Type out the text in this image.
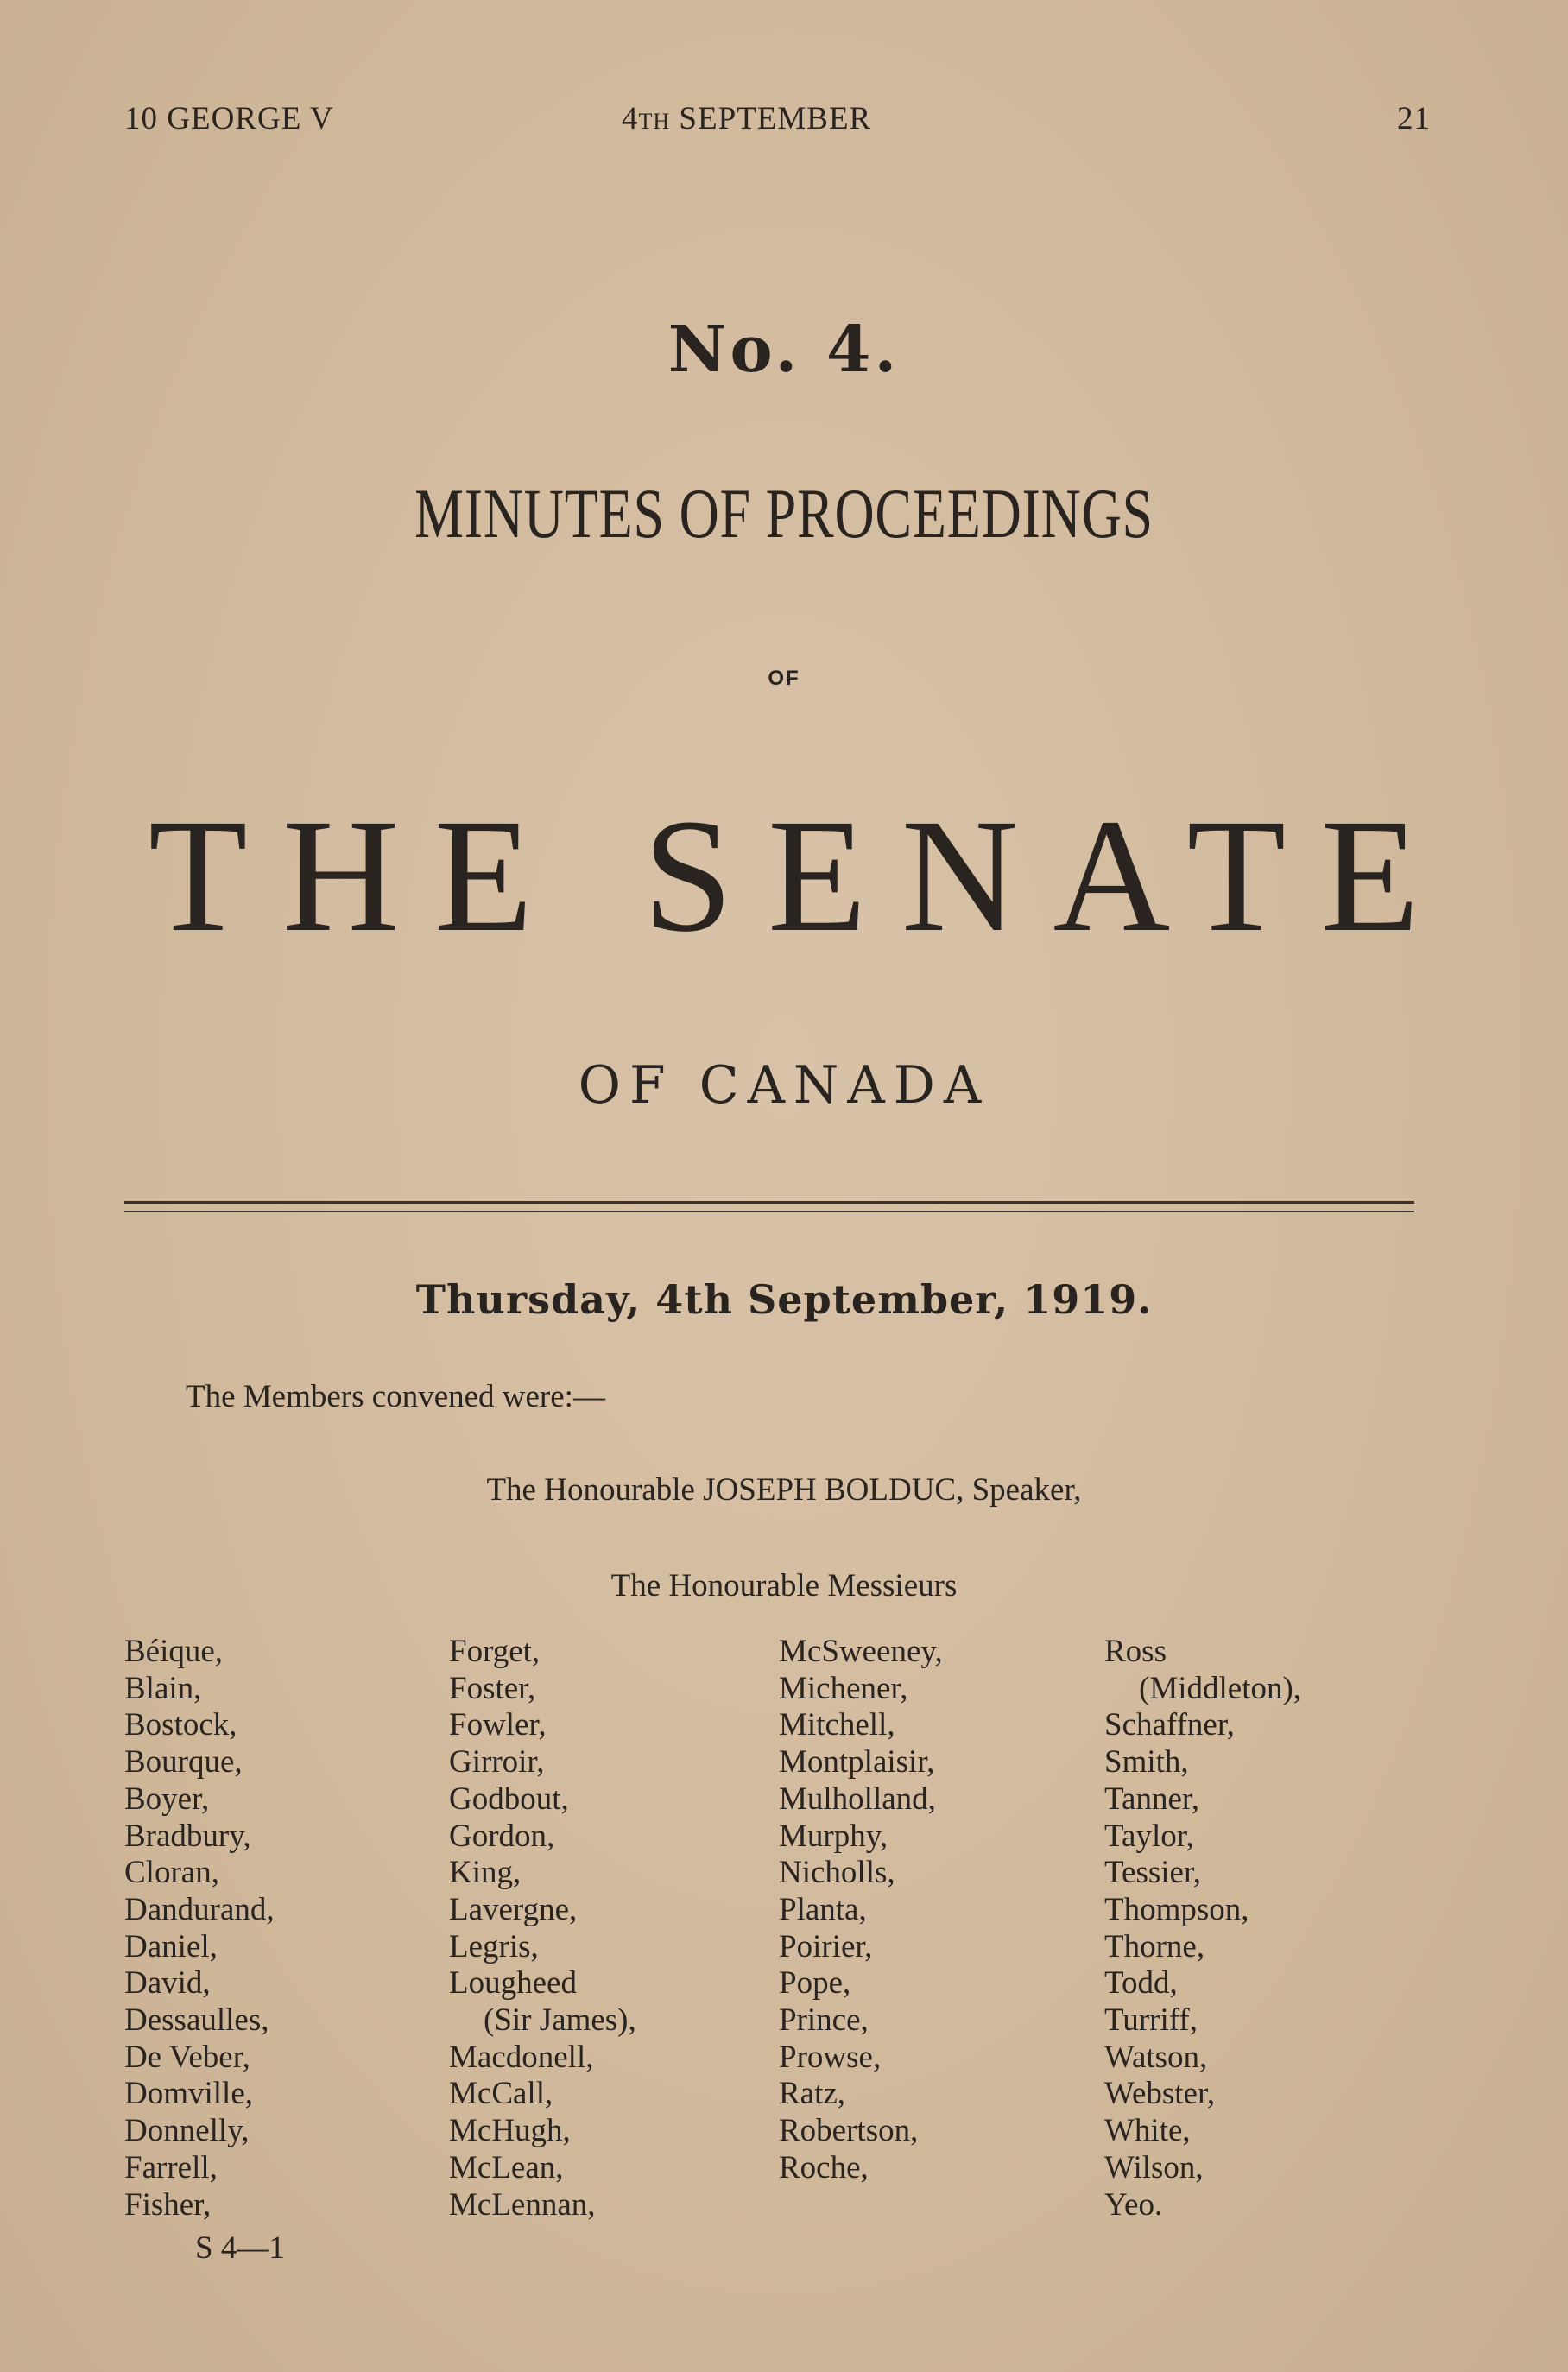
10 GEORGE V	4TH SEPTEMBER	21
No. 4.
MINUTES OF PROCEEDINGS
OF
THE SENATE
OF CANADA
Thursday, 4th September, 1919.
The Members convened were:—
The Honourable JOSEPH BOLDUC, Speaker,
The Honourable Messieurs
Béique,
Blain,
Bostock,
Bourque,
Boyer,
Bradbury,
Cloran,
Dandurand,
Daniel,
David,
Dessaulles,
De Veber,
Domville,
Donnelly,
Farrell,
Fisher,
Forget,
Foster,
Fowler,
Girroir,
Godbout,
Gordon,
King,
Lavergne,
Legris,
Lougheed
(Sir James),
Macdonell,
McCall,
McHugh,
McLean,
McLennan,
McSweeney,
Michener,
Mitchell,
Montplaisir,
Mulholland,
Murphy,
Nicholls,
Planta,
Poirier,
Pope,
Prince,
Prowse,
Ratz,
Robertson,
Roche,
Ross
(Middleton),
Schaffner,
Smith,
Tanner,
Taylor,
Tessier,
Thompson,
Thorne,
Todd,
Turriff,
Watson,
Webster,
White,
Wilson,
Yeo.
S 4—1
